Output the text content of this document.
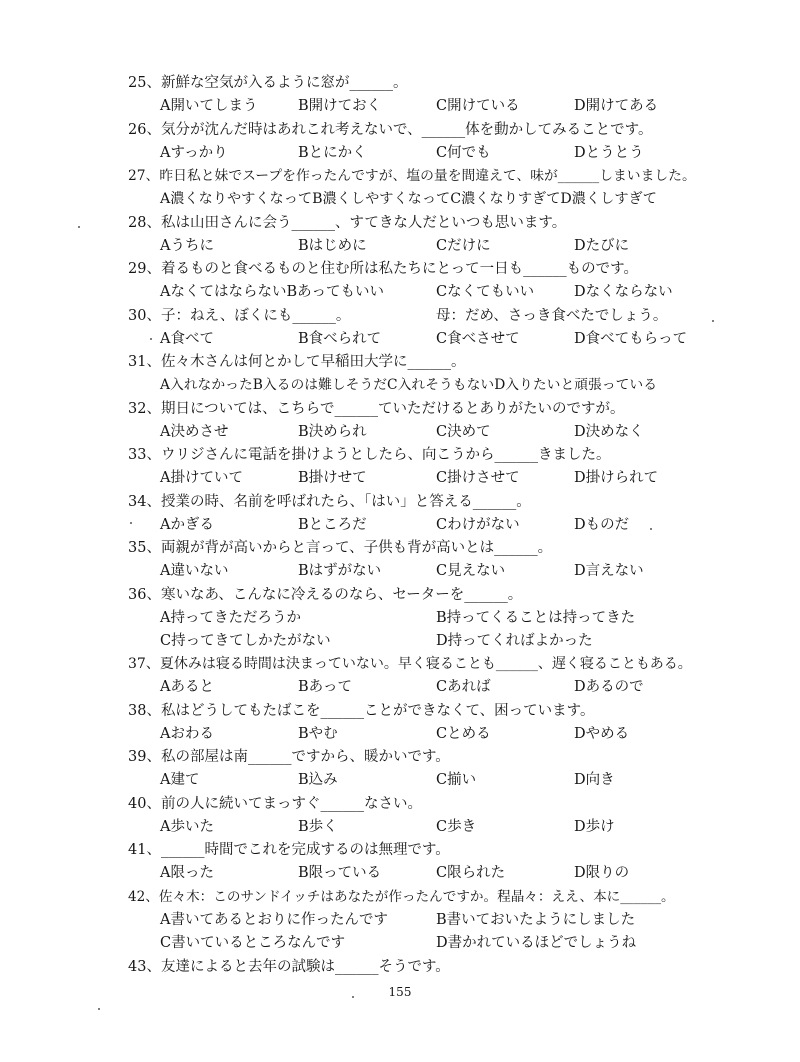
25、新鮮な空気が入るように窓が______。
A開いてしまう	B開けておく	C開けている	D開けてある
26、気分が沈んだ時はあれこれ考えないで、______体を動かしてみることです。
Aすっかり	Bとにかく	C何でも	Dとうとう
27、昨日私と妹でスープを作ったんですが、塩の量を間違えて、味が______しまいました。
A濃くなりやすくなってB濃くしやすくなってC濃くなりすぎてD濃くしすぎて
28、私は山田さんに会う______、すてきな人だといつも思います。
Aうちに	Bはじめに	Cだけに	Dたびに
29、着るものと食べるものと住む所は私たちにとって一日も______ものです。
AなくてはならないBあってもいい	Cなくてもいい	Dなくならない
30、子：ねえ、ぼくにも______。	母：だめ、さっき食べたでしょう。
A食べて	B食べられて	C食べさせて	D食べてもらって
31、佐々木さんは何とかして早稲田大学に______。
A入れなかったB入るのは難しそうだC入れそうもないD入りたいと頑張っている
32、期日については、こちらで______ていただけるとありがたいのですが。
A決めさせ	B決められ	C決めて	D決めなく
33、ウリジさんに電話を掛けようとしたら、向こうから______きました。
A掛けていて	B掛けせて	C掛けさせて	D掛けられて
34、授業の時、名前を呼ばれたら、「はい」と答える______。
Aかぎる	Bところだ	Cわけがない	Dものだ
35、両親が背が高いからと言って、子供も背が高いとは______。
A違いない	Bはずがない	C見えない	D言えない
36、寒いなあ、こんなに冷えるのなら、セーターを______。
A持ってきただろうか	B持ってくることは持ってきた
C持ってきてしかたがない	D持ってくればよかった
37、夏休みは寝る時間は決まっていない。早く寝ることも______、遅く寝ることもある。
Aあると	Bあって	Cあれば	Dあるので
38、私はどうしてもたばこを______ことができなくて、困っています。
Aおわる	Bやむ	Cとめる	Dやめる
39、私の部屋は南______ですから、暖かいです。
A建て	B込み	C揃い	D向き
40、前の人に続いてまっすぐ______なさい。
A歩いた	B歩く	C歩き	D歩け
41、______時間でこれを完成するのは無理です。
A限った	B限っている	C限られた	D限りの
42、佐々木：このサンドイッチはあなたが作ったんですか。程晶々：ええ、本に______。
A書いてあるとおりに作ったんです	B書いておいたようにしました
C書いているところなんです	D書かれているほどでしょうね
43、友達によると去年の試験は______そうです。
155
